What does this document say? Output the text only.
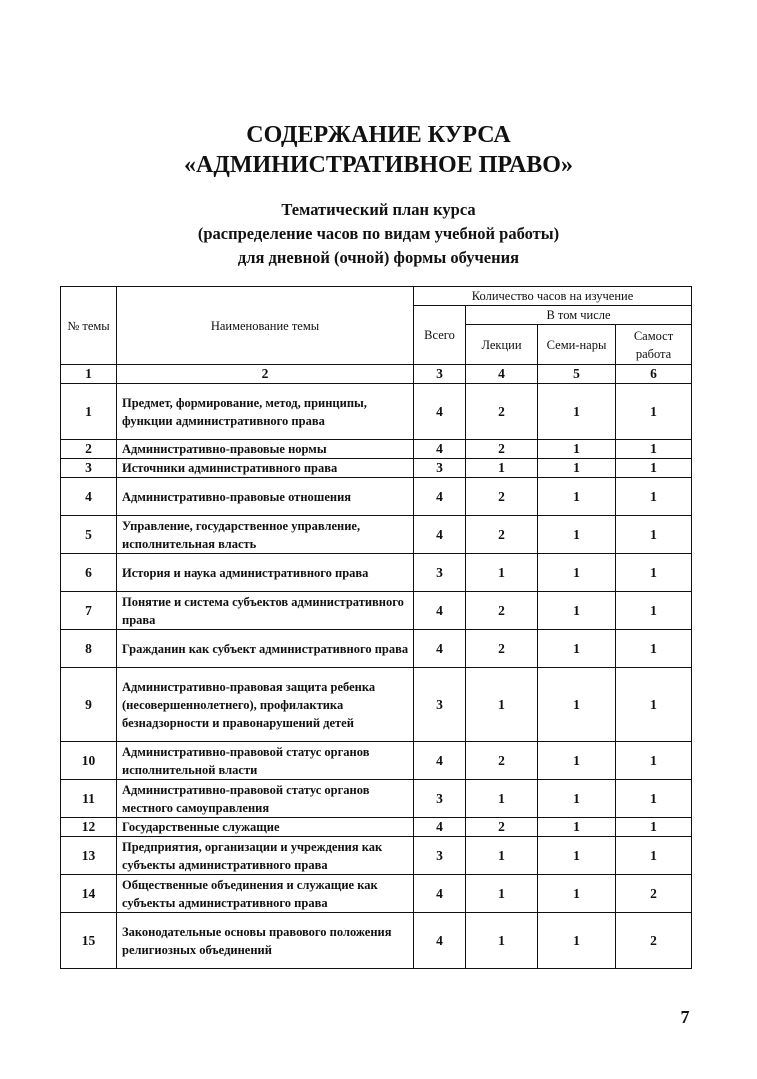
СОДЕРЖАНИЕ КУРСА
«АДМИНИСТРАТИВНОЕ ПРАВО»
Тематический план курса
(распределение часов по видам учебной работы)
для дневной (очной) формы обучения
№ темы	Наименование темы	Количество часов на изучение			
		Всего	В том числе		
			Лекции	Семи-нары	Самост работа
1	2	3	4	5	6
1	Предмет, формирование, метод, принципы, функции административного права	4	2	1	1
2	Административно-правовые нормы	4	2	1	1
3	Источники административного права	3	1	1	1
4	Административно-правовые отношения	4	2	1	1
5	Управление, государственное управление, исполнительная власть	4	2	1	1
6	История и наука административного права	3	1	1	1
7	Понятие и система субъектов административного права	4	2	1	1
8	Гражданин как субъект административного права	4	2	1	1
9	Административно-правовая защита ребенка (несовершеннолетнего), профилактика безнадзорности и правонарушений детей	3	1	1	1
10	Административно-правовой статус органов исполнительной власти	4	2	1	1
11	Административно-правовой статус органов местного самоуправления	3	1	1	1
12	Государственные служащие	4	2	1	1
13	Предприятия, организации и учреждения как субъекты административного права	3	1	1	1
14	Общественные объединения и служащие как субъекты административного права	4	1	1	2
15	Законодательные основы правового положения религиозных объединений	4	1	1	2
7
